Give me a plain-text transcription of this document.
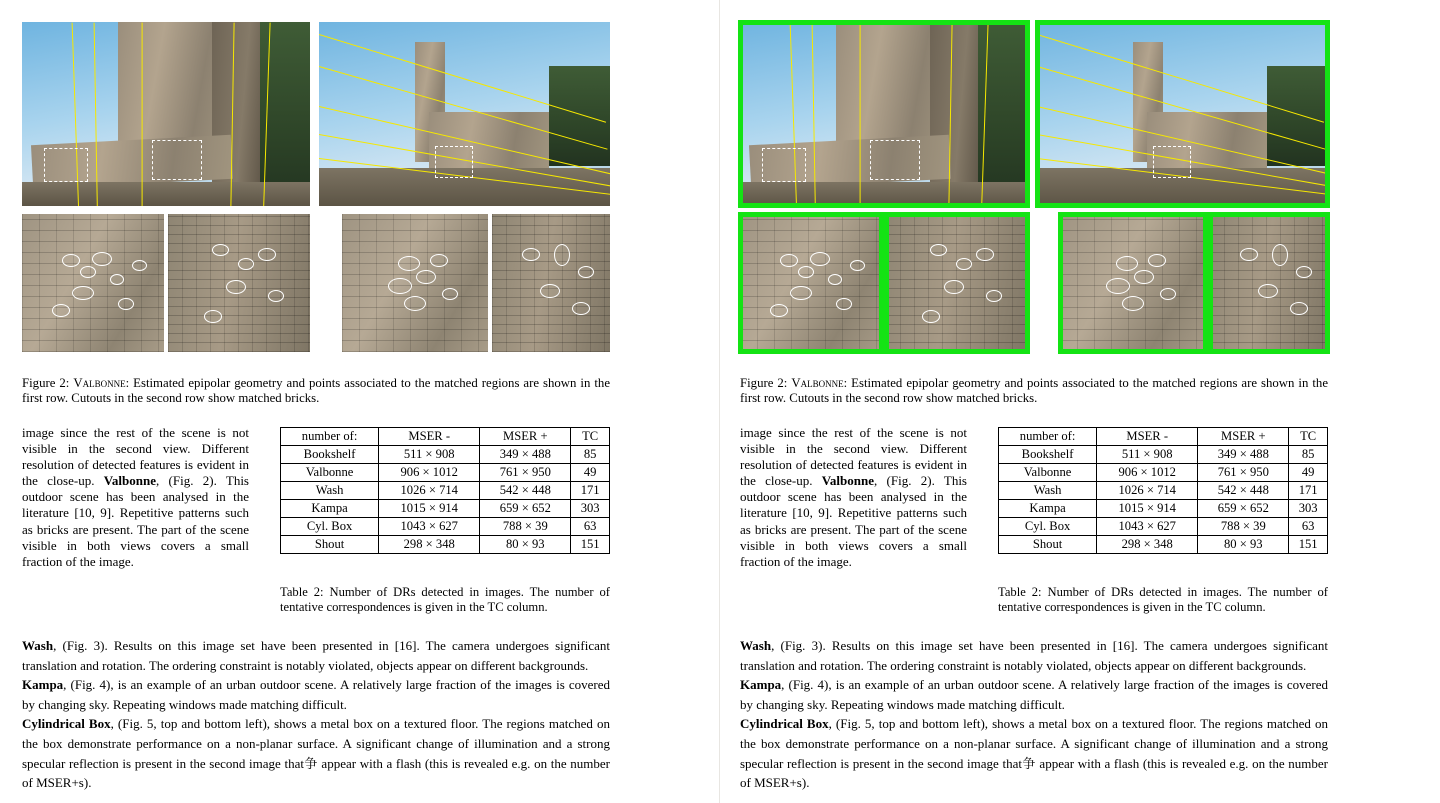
Figure 2: Valbonne: Estimated epipolar geometry and points associated to the matched regions are shown in the first row. Cutouts in the second row show matched bricks.

image since the rest of the scene is not visible in the second view. Different resolution of detected features is evident in the close-up. Valbonne, (Fig. 2). This outdoor scene has been analysed in the literature [10, 9]. Repetitive patterns such as bricks are present. The part of the scene visible in both views covers a small fraction of the image.

number of:	MSER -	MSER +	TC
Bookshelf	511 × 908	349 × 488	85
Valbonne	906 × 1012	761 × 950	49
Wash	1026 × 714	542 × 448	171
Kampa	1015 × 914	659 × 652	303
Cyl. Box	1043 × 627	788 × 39	63
Shout	298 × 348	80 × 93	151
Table 2: Number of DRs detected in images. The number of tentative correspondences is given in the TC column.

Wash, (Fig. 3). Results on this image set have been presented in [16]. The camera undergoes significant translation and rotation. The ordering constraint is notably violated, objects appear on different backgrounds.

Kampa, (Fig. 4), is an example of an urban outdoor scene. A relatively large fraction of the images is covered by changing sky. Repeating windows made matching difficult.

Cylindrical Box, (Fig. 5, top and bottom left), shows a metal box on a textured floor. The regions matched on the box demonstrate performance on a non-planar surface. A significant change of illumination and a strong specular reflection is present in the second image that争 appear with a flash (this is revealed e.g. on the number of MSER+s).

Figure 2: Valbonne: Estimated epipolar geometry and points associated to the matched regions are shown in the first row. Cutouts in the second row show matched bricks.

image since the rest of the scene is not visible in the second view. Different resolution of detected features is evident in the close-up. Valbonne, (Fig. 2). This outdoor scene has been analysed in the literature [10, 9]. Repetitive patterns such as bricks are present. The part of the scene visible in both views covers a small fraction of the image.

number of:	MSER -	MSER +	TC
Bookshelf	511 × 908	349 × 488	85
Valbonne	906 × 1012	761 × 950	49
Wash	1026 × 714	542 × 448	171
Kampa	1015 × 914	659 × 652	303
Cyl. Box	1043 × 627	788 × 39	63
Shout	298 × 348	80 × 93	151
Table 2: Number of DRs detected in images. The number of tentative correspondences is given in the TC column.

Wash, (Fig. 3). Results on this image set have been presented in [16]. The camera undergoes significant translation and rotation. The ordering constraint is notably violated, objects appear on different backgrounds.

Kampa, (Fig. 4), is an example of an urban outdoor scene. A relatively large fraction of the images is covered by changing sky. Repeating windows made matching difficult.

Cylindrical Box, (Fig. 5, top and bottom left), shows a metal box on a textured floor. The regions matched on the box demonstrate performance on a non-planar surface. A significant change of illumination and a strong specular reflection is present in the second image that争 appear with a flash (this is revealed e.g. on the number of MSER+s).
